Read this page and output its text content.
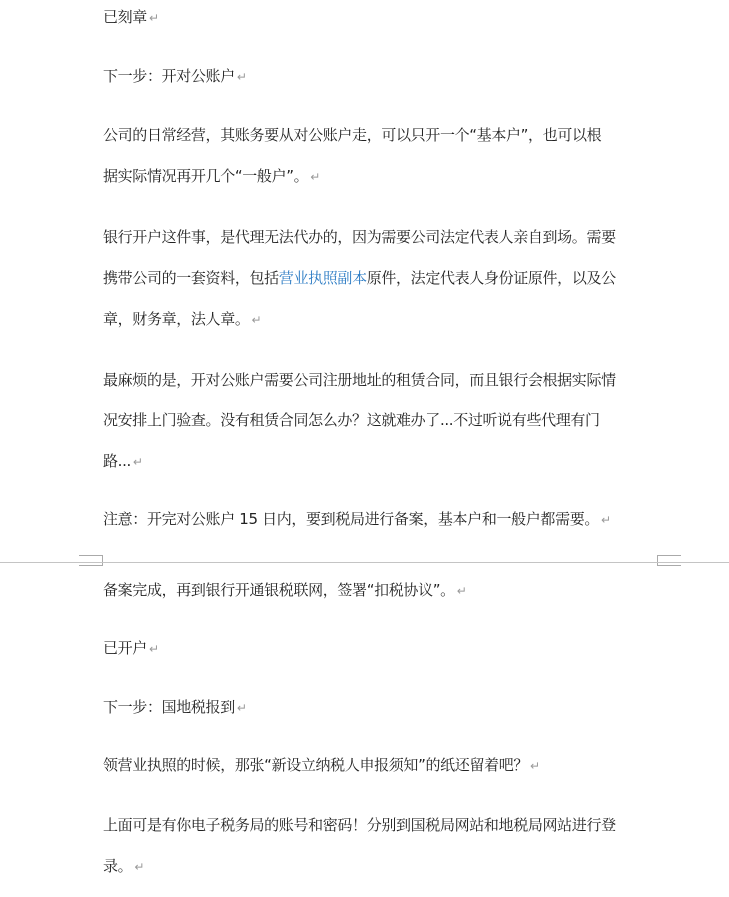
已刻章 ↵
下一步：开对公账户 ↵
公司的日常经营，其账务要从对公账户走，可以只开一个“基本户”，也可以根
据实际情况再开几个“一般户”。 ↵
银行开户这件事，是代理无法代办的，因为需要公司法定代表人亲自到场。需要
携带公司的一套资料，包括营业执照副本原件，法定代表人身份证原件，以及公
章，财务章，法人章。 ↵
最麻烦的是，开对公账户需要公司注册地址的租赁合同，而且银行会根据实际情
况安排上门验查。没有租赁合同怎么办？这就难办了...不过听说有些代理有门
路... ↵
注意：开完对公账户 15 日内，要到税局进行备案，基本户和一般户都需要。 ↵
备案完成，再到银行开通银税联网，签署“扣税协议”。 ↵
已开户 ↵
下一步：国地税报到 ↵
领营业执照的时候，那张“新设立纳税人申报须知”的纸还留着吧？ ↵
上面可是有你电子税务局的账号和密码！分别到国税局网站和地税局网站进行登
录。 ↵
